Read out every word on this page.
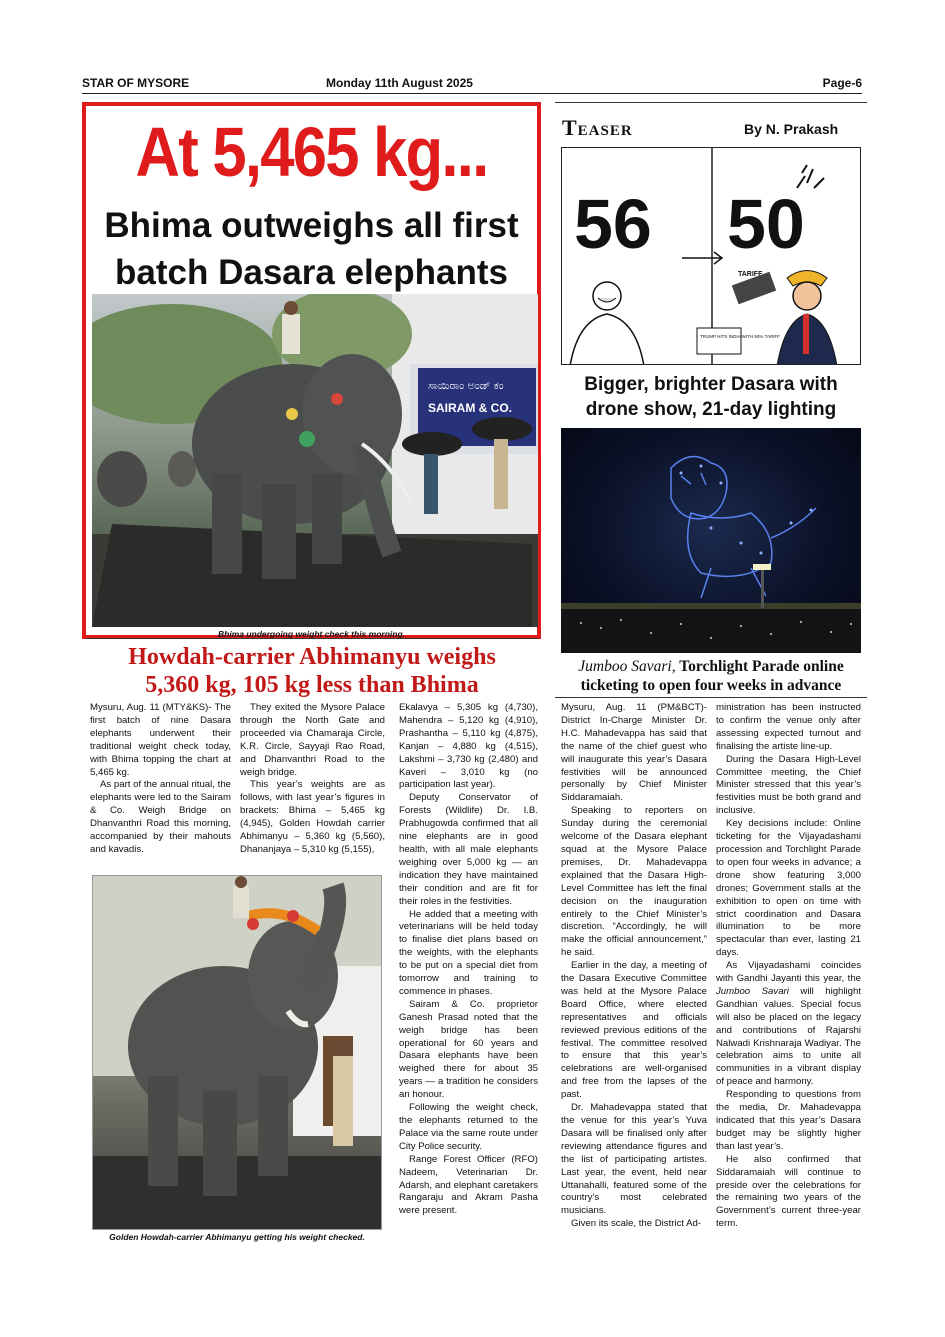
STAR OF MYSORE	Monday 11th August 2025	Page-6
At 5,465 kg...
Bhima outweighs all first
batch Dasara elephants
ಸಾಯಿರಾಂ ಅಂಡ್ ಕಂ
SAIRAM & CO.
Bhima undergoing weight check this morning.
Howdah-carrier Abhimanyu weighs
5,360 kg, 105 kg less than Bhima

Mysuru, Aug. 11 (MTY&KS)- The first batch of nine Dasara elephants underwent their traditional weight check today, with Bhima topping the chart at 5,465 kg.

As part of the annual ritual, the elephants were led to the Sairam & Co. Weigh Bridge on Dhanvanthri Road this morning, accompanied by their mahouts and kavadis.

They exited the Mysore Palace through the North Gate and proceeded via Chamaraja Circle, K.R. Circle, Sayyaji Rao Road, and Dhanvanthri Road to the weigh bridge.

This year’s weights are as follows, with last year’s figures in brackets: Bhima – 5,465 kg (4,945), Golden Howdah carrier Abhimanyu – 5,360 kg (5,560), Dhananjaya – 5,310 kg (5,155),

Ekalavya – 5,305 kg (4,730), Mahendra – 5,120 kg (4,910), Prashantha – 5,110 kg (4,875), Kanjan – 4,880 kg (4,515), Lakshmi – 3,730 kg (2,480) and Kaveri – 3,010 kg (no participation last year).

Deputy Conservator of Forests (Wildlife) Dr. I.B. Prabhugowda confirmed that all nine elephants are in good health, with all male elephants weighing over 5,000 kg — an indication they have maintained their condition and are fit for their roles in the festivities.

He added that a meeting with veterinarians will be held today to finalise diet plans based on the weights, with the elephants to be put on a special diet from tomorrow and training to commence in phases.

Sairam & Co. proprietor Ganesh Prasad noted that the weigh bridge has been operational for 60 years and Dasara elephants have been weighed there for about 35 years — a tradition he considers an honour.

Following the weight check, the elephants returned to the Palace via the same route under City Police security.

Range Forest Officer (RFO) Nadeem, Veterinarian Dr. Adarsh, and elephant caretakers Rangaraju and Akram Pasha were present.

Golden Howdah-carrier Abhimanyu getting his weight checked.
Teaser	By N. Prakash
56 50
TARIFF
TRUMP HITS INDIA WITH 50% TARIFF
Bigger, brighter Dasara with
drone show, 21-day lighting
Jumboo Savari, Torchlight Parade online
ticketing to open four weeks in advance

Mysuru, Aug. 11 (PM&BCT)- District In-Charge Minister Dr. H.C. Mahadevappa has said that the name of the chief guest who will inaugurate this year’s Dasara festivities will be announced personally by Chief Minister Siddaramaiah.

Speaking to reporters on Sunday during the ceremonial welcome of the Dasara elephant squad at the Mysore Palace premises, Dr. Mahadevappa explained that the Dasara High-Level Committee has left the final decision on the inauguration entirely to the Chief Minister’s discretion. “Accordingly, he will make the official announcement,” he said.

Earlier in the day, a meeting of the Dasara Executive Committee was held at the Mysore Palace Board Office, where elected representatives and officials reviewed previous editions of the festival. The committee resolved to ensure that this year’s celebrations are well-organised and free from the lapses of the past.

Dr. Mahadevappa stated that the venue for this year’s Yuva Dasara will be finalised only after reviewing attendance figures and the list of participating artistes. Last year, the event, held near Uttanahalli, featured some of the country’s most celebrated musicians.

Given its scale, the District Ad-

ministration has been instructed to confirm the venue only after assessing expected turnout and finalising the artiste line-up.

During the Dasara High-Level Committee meeting, the Chief Minister stressed that this year’s festivities must be both grand and inclusive.

Key decisions include: Online ticketing for the Vijayadashami procession and Torchlight Parade to open four weeks in advance; a drone show featuring 3,000 drones; Government stalls at the exhibition to open on time with strict coordination and Dasara illumination to be more spectacular than ever, lasting 21 days.

As Vijayadashami coincides with Gandhi Jayanti this year, the Jumboo Savari will highlight Gandhian values. Special focus will also be placed on the legacy and contributions of Rajarshi Nalwadi Krishnaraja Wadiyar. The celebration aims to unite all communities in a vibrant display of peace and harmony.

Responding to questions from the media, Dr. Mahadevappa indicated that this year’s Dasara budget may be slightly higher than last year’s.

He also confirmed that Siddaramaiah will continue to preside over the celebrations for the remaining two years of the Government’s current three-year term.
